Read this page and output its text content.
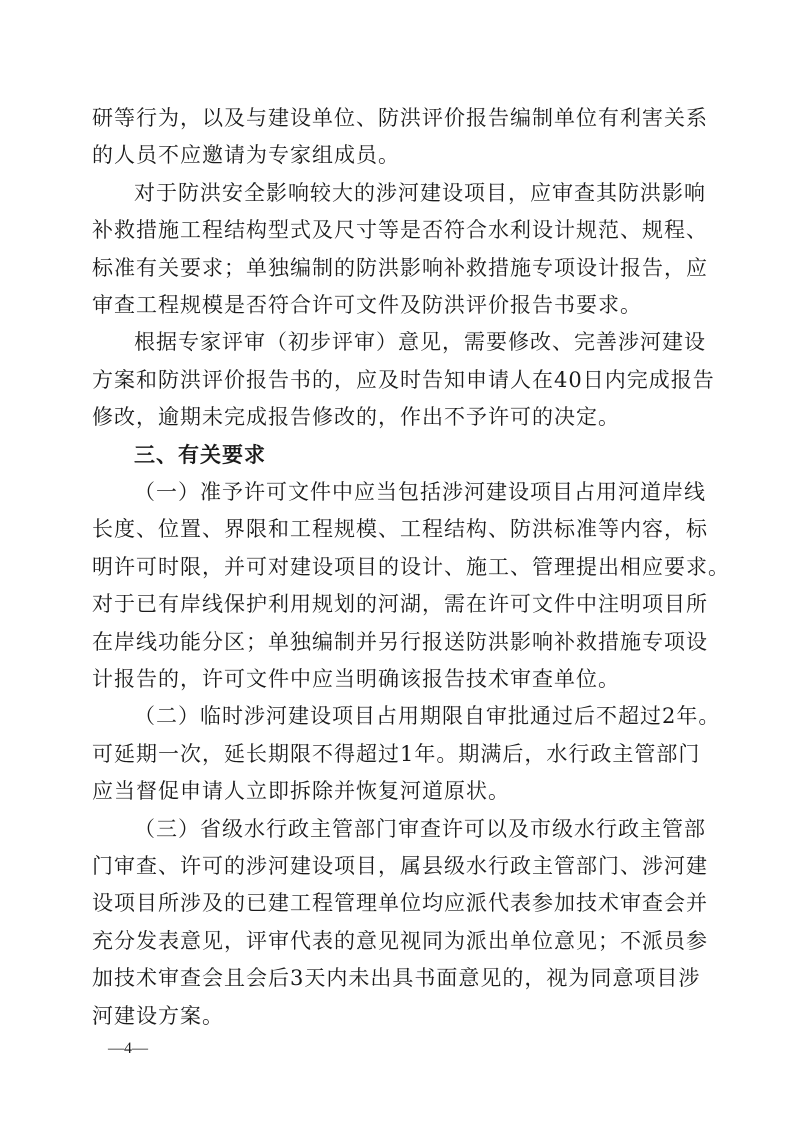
研等行为，以及与建设单位、防洪评价报告编制单位有利害关系
的人员不应邀请为专家组成员。
对于防洪安全影响较大的涉河建设项目，应审查其防洪影响
补救措施工程结构型式及尺寸等是否符合水利设计规范、规程、
标准有关要求；单独编制的防洪影响补救措施专项设计报告，应
审查工程规模是否符合许可文件及防洪评价报告书要求。
根据专家评审（初步评审）意见，需要修改、完善涉河建设
方案和防洪评价报告书的，应及时告知申请人在40日内完成报告
修改，逾期未完成报告修改的，作出不予许可的决定。
三、有关要求
（一）准予许可文件中应当包括涉河建设项目占用河道岸线
长度、位置、界限和工程规模、工程结构、防洪标准等内容，标
明许可时限，并可对建设项目的设计、施工、管理提出相应要求。
对于已有岸线保护利用规划的河湖，需在许可文件中注明项目所
在岸线功能分区；单独编制并另行报送防洪影响补救措施专项设
计报告的，许可文件中应当明确该报告技术审查单位。
（二）临时涉河建设项目占用期限自审批通过后不超过2年。
可延期一次，延长期限不得超过1年。期满后，水行政主管部门
应当督促申请人立即拆除并恢复河道原状。
（三）省级水行政主管部门审查许可以及市级水行政主管部
门审查、许可的涉河建设项目，属县级水行政主管部门、涉河建
设项目所涉及的已建工程管理单位均应派代表参加技术审查会并
充分发表意见，评审代表的意见视同为派出单位意见；不派员参
加技术审查会且会后3天内未出具书面意见的，视为同意项目涉
河建设方案。
—4—
